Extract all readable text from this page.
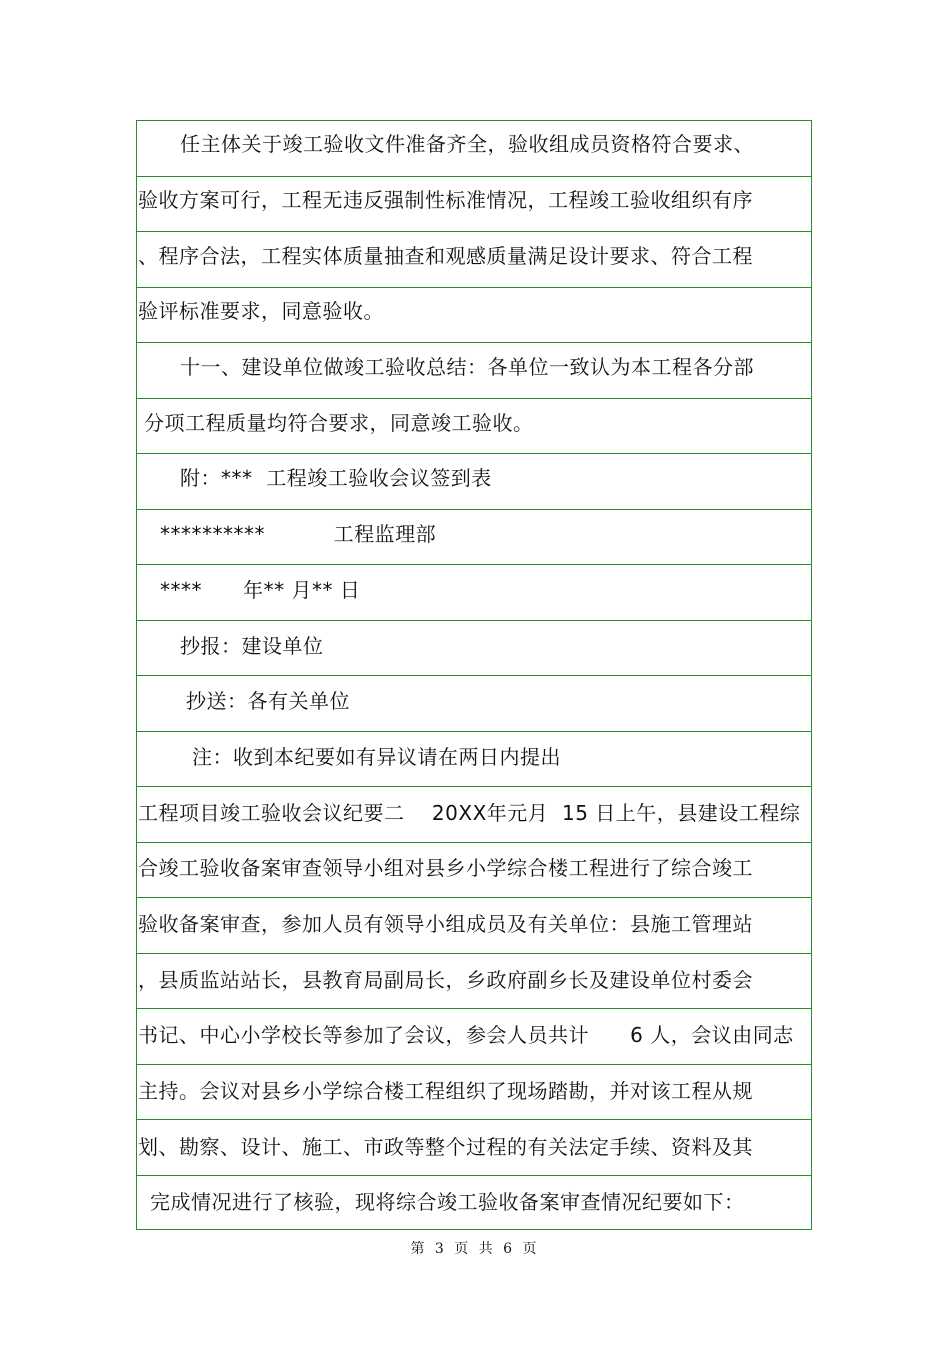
任主体关于竣工验收文件准备齐全，验收组成员资格符合要求、
验收方案可行，工程无违反强制性标准情况，工程竣工验收组织有序
、程序合法，工程实体质量抽查和观感质量满足设计要求、符合工程
验评标准要求，同意验收。
十一、建设单位做竣工验收总结：各单位一致认为本工程各分部
分项工程质量均符合要求，同意竣工验收。
附：***  工程竣工验收会议签到表
**********          工程监理部
****      年** 月** 日
抄报：建设单位
抄送：各有关单位
注：收到本纪要如有异议请在两日内提出
工程项目竣工验收会议纪要二    20XX年元月  15 日上午，县建设工程综
合竣工验收备案审查领导小组对县乡小学综合楼工程进行了综合竣工
验收备案审查，参加人员有领导小组成员及有关单位：县施工管理站
，县质监站站长，县教育局副局长，乡政府副乡长及建设单位村委会
书记、中心小学校长等参加了会议，参会人员共计      6 人，会议由同志
主持。会议对县乡小学综合楼工程组织了现场踏勘，并对该工程从规
划、勘察、设计、施工、市政等整个过程的有关法定手续、资料及其
完成情况进行了核验，现将综合竣工验收备案审查情况纪要如下：
第 3 页 共 6 页
